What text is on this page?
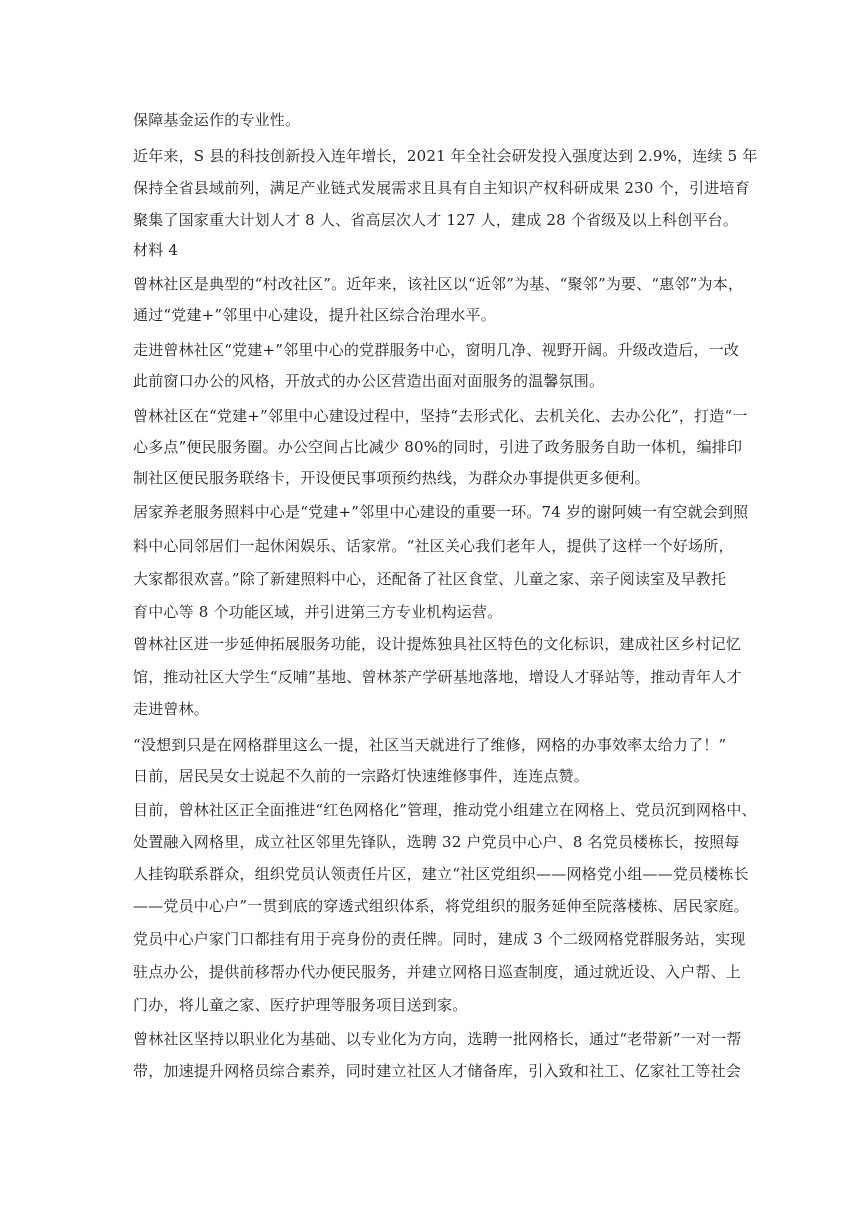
保障基金运作的专业性。
近年来，S 县的科技创新投入连年增长，2021 年全社会研发投入强度达到 2.9%，连续 5 年
保持全省县域前列，满足产业链式发展需求且具有自主知识产权科研成果 230 个，引进培育
聚集了国家重大计划人才 8 人、省高层次人才 127 人，建成 28 个省级及以上科创平台。
材料 4
曾林社区是典型的“村改社区”。近年来，该社区以“近邻”为基、“聚邻”为要、“惠邻”为本，
通过“党建+”邻里中心建设，提升社区综合治理水平。
走进曾林社区“党建+”邻里中心的党群服务中心，窗明几净、视野开阔。升级改造后，一改
此前窗口办公的风格，开放式的办公区营造出面对面服务的温馨氛围。
曾林社区在“党建+”邻里中心建设过程中，坚持“去形式化、去机关化、去办公化”，打造“一
心多点”便民服务圈。办公空间占比减少 80%的同时，引进了政务服务自助一体机，编排印
制社区便民服务联络卡，开设便民事项预约热线，为群众办事提供更多便利。
居家养老服务照料中心是“党建+”邻里中心建设的重要一环。74 岁的谢阿姨一有空就会到照
料中心同邻居们一起休闲娱乐、话家常。“社区关心我们老年人，提供了这样一个好场所，
大家都很欢喜。”除了新建照料中心，还配备了社区食堂、儿童之家、亲子阅读室及早教托
育中心等 8 个功能区域，并引进第三方专业机构运营。
曾林社区进一步延伸拓展服务功能，设计提炼独具社区特色的文化标识，建成社区乡村记忆
馆，推动社区大学生“反哺”基地、曾林茶产学研基地落地，增设人才驿站等，推动青年人才
走进曾林。
“没想到只是在网格群里这么一提，社区当天就进行了维修，网格的办事效率太给力了！”
日前，居民吴女士说起不久前的一宗路灯快速维修事件，连连点赞。
目前，曾林社区正全面推进“红色网格化”管理，推动党小组建立在网格上、党员沉到网格中、
处置融入网格里，成立社区邻里先锋队，选聘 32 户党员中心户、8 名党员楼栋长，按照每
人挂钩联系群众，组织党员认领责任片区，建立“社区党组织——网格党小组——党员楼栋长
——党员中心户”一贯到底的穿透式组织体系，将党组织的服务延伸至院落楼栋、居民家庭。
党员中心户家门口都挂有用于亮身份的责任牌。同时，建成 3 个二级网格党群服务站，实现
驻点办公，提供前移帮办代办便民服务，并建立网格日巡查制度，通过就近设、入户帮、上
门办，将儿童之家、医疗护理等服务项目送到家。
曾林社区坚持以职业化为基础、以专业化为方向，选聘一批网格长，通过“老带新”一对一帮
带，加速提升网格员综合素养，同时建立社区人才储备库，引入致和社工、亿家社工等社会
